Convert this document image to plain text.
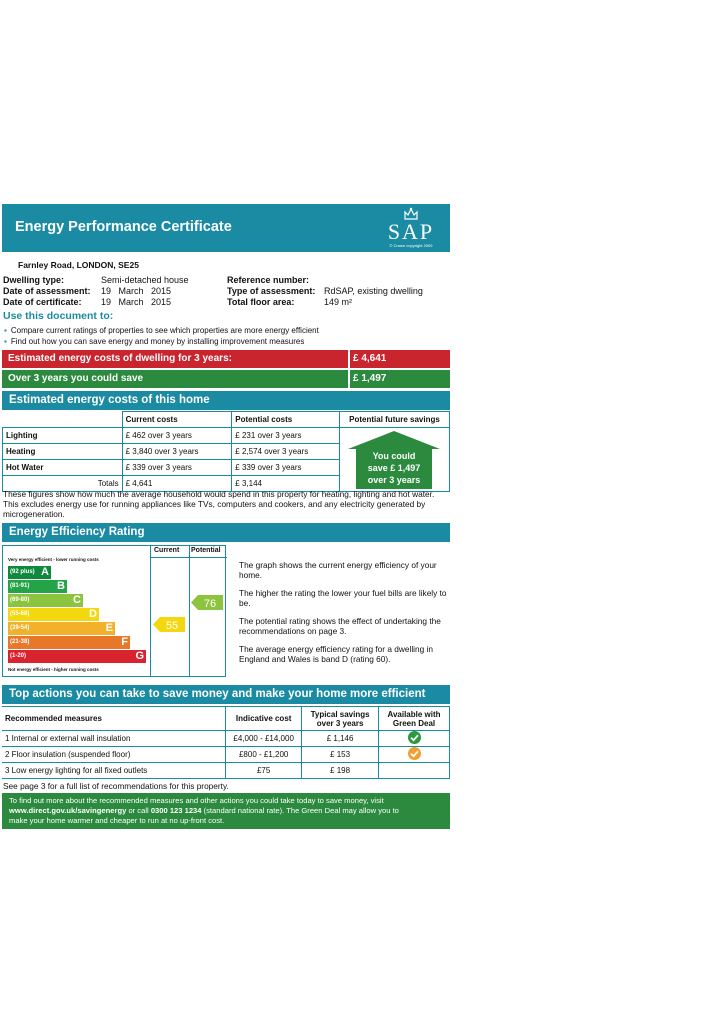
Energy Performance Certificate	SAP
© Crown copyright 2009
Farnley Road, LONDON, SE25
Dwelling type:	Semi-detached house
Date of assessment: 19   March   2015
Date of certificate: 19   March   2015
Reference number:
Type of assessment: RdSAP, existing dwelling
Total floor area:	149 m²
Use this document to:
▪ Compare current ratings of properties to see which properties are more energy efficient
▪ Find out how you can save energy and money by installing improvement measures
Estimated energy costs of dwelling for 3 years:	£ 4,641
Over 3 years you could save	£ 1,497
Estimated energy costs of this home
	Current costs	Potential costs	Potential future savings
Lighting	£ 462 over 3 years	£ 231 over 3 years	You could
save £ 1,497
over 3 years

Heating	£ 3,840 over 3 years	£ 2,574 over 3 years	
Hot Water	£ 339 over 3 years	£ 339 over 3 years	
Totals	£ 4,641	£ 3,144	
These figures show how much the average household would spend in this property for heating, lighting and hot water. This excludes energy use for running appliances like TVs, computers and cookers, and any electricity generated by microgeneration.
Energy Efficiency Rating
Current Potential
Very energy efficient - lower running costs
(92 plus) A
(81-91)	B
(69-80)	C
(55-68)	D
(39-54)	E
(21-38)	F
(1-20)	G
Not energy efficient - higher running costs
55
76
The graph shows the current energy efficiency of your home.
The higher the rating the lower your fuel bills are likely to be.
The potential rating shows the effect of undertaking the recommendations on page 3.
The average energy efficiency rating for a dwelling in England and Wales is band D (rating 60).
Top actions you can take to save money and make your home more efficient
Recommended measures	Indicative cost	Typical savings over 3 years	Available with Green Deal
1 Internal or external wall insulation	£4,000 - £14,000	£ 1,146	
2 Floor insulation (suspended floor)	£800 - £1,200	£ 153	
3 Low energy lighting for all fixed outlets	£75	£ 198	
See page 3 for a full list of recommendations for this property.
To find out more about the recommended measures and other actions you could take today to save money, visit
www.direct.gov.uk/savingenergy or call 0300 123 1234 (standard national rate). The Green Deal may allow you to
make your home warmer and cheaper to run at no up-front cost.
